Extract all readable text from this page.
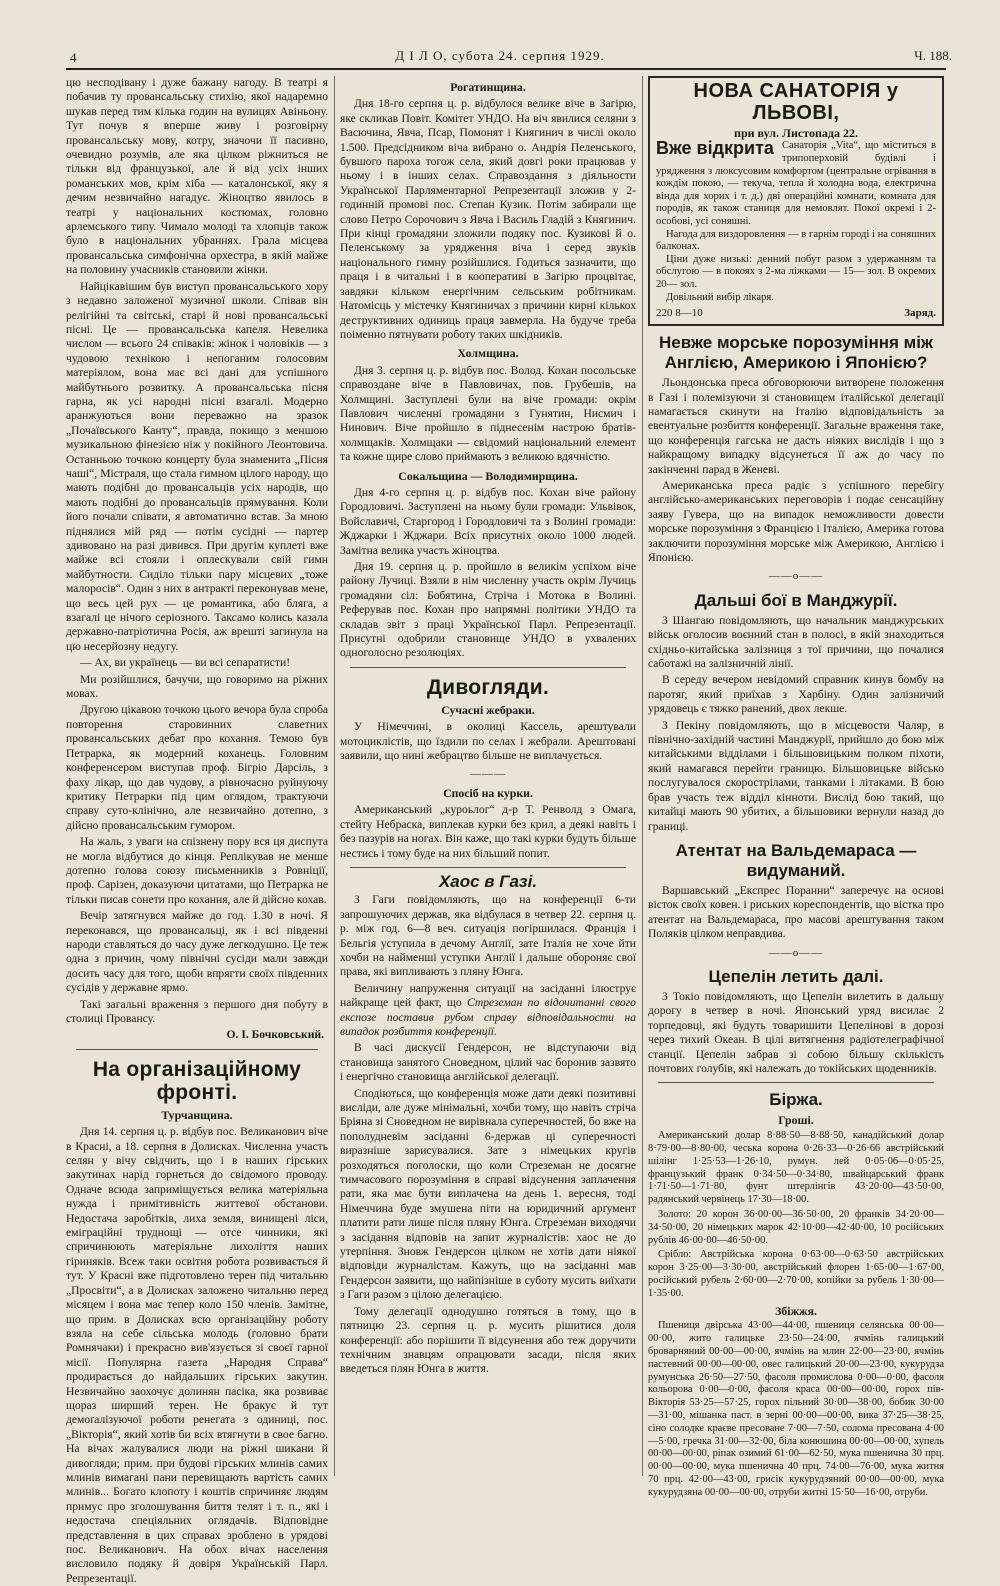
4	Д І Л О, субота 24. серпня 1929.	Ч. 188.

цю несподівану і дуже бажану нагоду. В театрі я побачив ту провансальську стихію, якої надаремно шукав перед тим кілька годин на вулицях Авіньону. Тут почув я вперше живу і розговірну провансальську мову, котру, значочи її пасивно, очевидно розумів, але яка цілком ріжниться не тільки від французької, але й від усіх інших романських мов, крім хіба — каталонської, яку я дечим незвичайно нагадує. Жіноцтво явилось в театрі у національних костюмах, головно арлемського типу. Чимало молоді та хлопців також було в національних убраннях. Грала місцева провансальська симфонічна орхестра, в якій майже на половину учасників становили жінки.

Найцікавішим був виступ провансальського хору з недавно заложеної музичної школи. Співав він релігійні та світські, старі й нові провансальські пісні. Це — провансальська капеля. Невелика числом — всього 24 співаків: жінок і чоловіків — з чудовою технікою і непоганим голосовим матеріялом, вона має всі дані для успішного майбутнього розвитку. А провансальська пісня гарна, як усі народні пісні взагалі. Модерно аранжуються вони переважно на зразок „Почаївського Канту“, правда, покищо з меншою музикальною фінезією ніж у покійного Леонтовича. Останньою точкою концерту була знаменита „Пісня чаші“, Містраля, що стала гимном цілого народу, що мають подібні до провансальців усіх народів, що мають подібні до провансальців прямування. Коли його почали співати, я автоматично встав. За мною піднялися мій ряд — потім сусідні — партер здивовано на разі дивився. При другім куплеті вже майже всі стояли і оплескували свій гимн майбутности. Сиділо тільки пару місцевих „тоже малоросів“. Один з них в антракті переконував мене, що весь цей рух — це романтика, або бляга, а взагалі це нічого серіозного. Таксамо колись казала державно-патріотична Росія, аж врешті загинула на цю несерйозну недугу.

— Ах, ви українець — ви всі сепаратисти!

Ми розійшлися, бачучи, що говоримо на ріжних мовах.

Другою цікавою точкою цього вечора була спроба повторення старовинних славетних провансальських дебат про кохання. Темою був Петрарка, як модерний коханець. Головним конференсером виступав проф. Бігріо Дарсіль, з фаху лікар, що дав чудову, а рівночасно руйнуючу критику Петрарки під цим оглядом, трактуючи справу суто-клінічно, але незвичайно дотепно, з дійсно провансальським гумором.

На жаль, з уваги на спізнену пору вся ця диспута не могла відбутися до кінця. Реплікував не менше дотепно голова союзу письменників з Ровніції, проф. Сарізен, доказуючи цитатами, що Петрарка не тільки писав сонети про кохання, але й дійсно кохав.

Вечір затягнувся майже до год. 1.30 в ночі. Я переконався, що провансальці, як і всі південні народи ставляться до часу дуже легкодушно. Це теж одна з причин, чому північні сусіди мали завжди досить часу для того, щоби впрягти своїх південних сусідів у державне ярмо.

Такі загальні враження з першого дня побуту в столиці Провансу.

О. І. Бочковський.
На організаційному фронті.
Турчанщина.

Дня 14. серпня ц. р. відбув пос. Великанович віче в Красні, а 18. серпня в Долисках. Численна участь селян у вічу свідчить, що і в наших гірських закутинах нарід горнеться до свідомого проводу. Одначе всюда заприміщується велика матеріяльна нужда і примітивність життевої обстанови. Недостача заробітків, лиха земля, винищені ліси, еміграційні труднощі — отсе чинники, які спричинюють матеріяльне лихоліття наших гіриняків. Всеж таки освітня робота розвивається й тут. У Красні вже підготовлено терен під читальню „Просвіти“, а в Долисках заложено читальню перед місяцем і вона має тепер коло 150 членів. Замітне, що прим. в Долисках всю організаційну роботу взяла на себе сільська молодь (головно брати Ромнячаки) і прекрасно вив'язується зі своєї гарної місії. Популярна газета „Народня Справа“ продирається до найдальших гірських закутин. Незвичайно заохочує долинян пасіка, яка розвиває щораз ширший терен. Не бракує й тут демоґалізуючої роботи ренегата з одиниці, пос. „Вікторія“, який хотів би всіх втягнути в свое багно. На вічах жалувалися люди на ріжні шикани й дивогляди; прим. при будові гірських млинів самих млинів вимагані пани перевищають вартість самих млинів... Богато клопоту і коштів спричиняє людям примус про зголошування биття телят і т. п., які і недостача спеціяльних оглядачів. Відповідне представлення в цих справах зроблено в урядові пос. Великанович. На обох вічах населення висловило подяку й довіря Українській Парл. Репрезентації.

Рогатинщина.

Дня 18-го серпня ц. р. відбулося велике віче в Загірю, яке скликав Повіт. Комітет УНДО. На віч явилися селяни з Васючина, Явча, Псар, Помонят і Княгинич в числі около 1.500. Предсідником віча вибрано о. Андрія Пеленського, бувшого пароха тогож села, який довгі роки працював у ньому і в інших селах. Справоздання з діяльности Української Парляментарної Репрезентації зложив у 2-годинній промові пос. Степан Кузик. Потім забирали ще слово Петро Сорочович з Явча і Василь Гладій з Княгинич. При кінці громадяни зложили подяку пос. Кузикові й о. Пеленському за урядження віча і серед звуків національного гимну розійшлися. Годиться зазначити, що праця і в читальні і в кооперативі в Загірю процвітає, завдяки кільком енергічним сельським робітникам. Натомісць у містечку Княгиничах з причини кирні кількох деструктивних одиниць праця завмерла. На будуче треба поіменно пятнувати роботу таких шкідників.

Холмщина.

Дня 3. серпня ц. р. відбув пос. Волод. Кохан посольське справоздане віче в Павловичах, пов. Грубешів, на Холмщині. Заступлені були на віче громади: окрім Павлович численні громадяни з Гунятин, Нисмич і Нинович. Віче пройшло в піднесенім настрою братів-холмщаків. Холмщаки — свідомий національний елемент та кожне щире слово приймають з великою вдячністю.

Сокальщина — Володимирщина.

Дня 4-го серпня ц. р. відбув пос. Кохан віче району Городловичі. Заступлені на ньому були громади: Ульвівок, Войславичі, Старгород і Городловичі та з Волині громади: Жджарки і Жджари. Всіх присутніх около 1000 людей. Замітна велика участь жіноцтва.

Дня 19. серпня ц. р. пройшло в великім успіхом віче району Лучиці. Взяли в нім численну участь окрім Лучиць громадяни сіл: Бобятина, Стріча і Мотока в Волині. Реферував пос. Кохан про напрямні політики УНДО та складав звіт з праці Української Парл. Репрезентації. Присутні одобрили становище УНДО в ухвалених одноголосно резолюціях.

Дивогляди.
Сучасні жебраки.

У Німеччині, в околиці Кассель, арештували мотоциклістів, що їздили по селах і жебрали. Арештовані заявили, що нині жебрацтво більше не виплачується.

———
Спосіб на курки.

Американський „куроьлог“ д-р Т. Ренволд з Омага, стейту Небраска, виплекав курки без крил, а деякі навіть і без пазурів на ногах. Він каже, що такі курки будуть більше нестись і тому буде на них більший попит.

Хаос в Газі.

З Гаги повідомляють, що на конференції 6-ти запрошуючих держав, яка відбулася в четвер 22. серпня ц. р. між год. 6—8 веч. ситуація погіршилася. Франція і Бельгія уступила в дечому Англії, зате Італія не хоче йти хочби на найменші уступки Англії і дальше обороняє свої права, які випливають з пляну Юнга.

Величину напруження ситуації на засіданні ілюструє найкраще цей факт, що Стреземан по відочитанні свого експозе поставив рубом справу відповідальности на випадок розбиття конференції.

В часі дискусії Гендерсон, не відступаючи від становища занятого Сноведном, цілий час боронив зазвято і енергічно становища англійської делегації.

Сподіються, що конференція може дати деякі позитивні висліди, але дуже мінімальні, хочби тому, що навіть стріча Бріяна зі Сноведном не вирівнала суперечностей, бо вже на пополудневім засіданні 6-держав ці суперечності виразніше зарисувалися. Зате з німецьких кругів розходяться поголоски, що коли Стреземан не досягне тимчасового порозуміння в справі відсунення заплачення рати, яка має бути виплачена на день 1. вересня, тоді Німеччина буде змушена піти на юридичний арґумент платити рати лише після пляну Юнга. Стреземан виходячи з засідання відповів на запит журналістів: хаос не до утерпіння. Зновж Гендерсон цілком не хотів дати ніякої відповіди журналістам. Кажуть, що на засіданні мав Гендерсон заявити, що найпізніше в суботу мусить виїхати з Гаги разом з цілою делегацією.

Тому делегації однодушно готяться в тому, що в пятницю 23. серпня ц. р. мусить рішитися доля конференції: або порішити її відсунення або теж доручити технічним знавцям опрацювати засади, після яких введеться плян Юнга в життя.

НОВА САНАТОРІЯ у ЛЬВОВІ,
при вул. Листопада 22.
Вже відкрита Санаторія „Vita“, що міститься в трипоперховій будівлі і урядження з люксусовим комфортом (центральне огрівання в кождім покою, — текуча, тепла й холодна вода, електрична вінда для хорих і т. д.) дві операційні комнати, комната для породів, як також станиця для немовлят. Покої окремі і 2-особові, усі соняшні.
Нагода для виздоровлення — в гарнім городі і на соняшних балконах.
Ціни дуже низькі: денний побут разом з удержанням та обслугою — в покоях з 2-ма ліжками — 15— зол. В окремих 20— зол.
Довільний вибір лікаря.
220 8—10	Заряд.
Невже морське порозуміння між Англією, Америкою і Японією?

Льондонська преса обговорюючи витворене положення в Газі і полемізуючи зі становищем італійської делегації намагається скинути на Італію відповідальність за евентуальне розбиття конференції. Загальне враження таке, що конференція гагська не дасть ніяких вислідів і що з найкращому випадку відсунеться її аж до часу по закінченні парад в Женеві.

Американська преса радіє з успішного перебігу англійсько-американських переговорів і подає сенсаційну заяву Гувера, що на випадок неможливости довести морське порозуміння з Францією і Італією, Америка готова заключити порозуміння морське між Америкою, Англією і Японією.

——o——
Дальші бої в Манджурії.

З Шангаю повідомляють, що начальник манджурських військ оголосив воєнний стан в полосі, в якій знаходиться східньо-китайська залізниця з тої причини, що почалися саботажі на залізничній лінії.

В середу вечером невідомий справник кинув бомбу на паротяг, який приїхав з Харбіну. Один залізничий урядовець є тяжко ранений, двох лекше.

З Пекіну повідомляють, що в місцевости Чаляр, в північно-західній частині Манджурії, прийшло до бою між китайськими відділами і більшовицьким полком піхоти, який намагався перейти границю. Більшовицьке військо послугувалося скорострілами, танками і літаками. В бою брав участь теж відділ кінноти. Вислід бою такий, що китайці мають 90 убитих, а більшовики вернули назад до границі.

Атентат на Вальдемараса — видуманий.

Варшавський „Експрес Поранни“ заперечує на основі вісток своїх ковен. і риських кореспондентів, що вістка про атентат на Вальдемараса, про масові арештування таком Поляків цілком неправдива.

——o——
Цепелін летить далі.

З Токіо повідомляють, що Цепелін вилетить в дальшу дорогу в четвер в ночі. Японський уряд висилає 2 торпедовці, які будуть товаришити Цепелінові в дорозі через тихий Океан. В цілі витягнення радіотелеграфічної станції. Цепелін забрав зі собою більшу скількість почтових голубів, які належать до токійських щоденників.

Біржа.
Гроші.

Американський долар 8·88·50—8·88·50, канадійський долар 8·79·00—8·80·00, чеська корона 0·26·33—0·26·66 австрійський шілінг 1·25·53—1·26·10, румун. лей 0·05·06—0·05·25, французький франк 0·34·50—0·34·80, швайцарський франк 1·71·50—1·71·80, фунт штерлінгів 43·20·00—43·50·00, радянський червінець 17·30—18·00.

Золото: 20 корон 36·00·00—36·50·00, 20 франків 34·20·00—34·50·00, 20 німецьких марок 42·10·00—42·40·00, 10 російських рублів 46·00·00—46·50·00.

Срібло: Австрійська корона 0·63·00—0·63·50 австрійських корон 3·25·00—3·30·00, австрійський флорен 1·65·00—1·67·00, російський рубель 2·60·00—2·70·00, копійки за рубель 1·30·00—1·35·00.

Збіжжя.

Пшениця двірська 43·00—44·00, пшениця селянська 00·00—00·00, жито галицьке 23·50—24·00, ячмінь галицький броварняний 00·00—00·00, ячмінь на млин 22·00—23·00, ячмінь пастевний 00·00—00·00, овес галицький 20·00—23·00, кукурудза румунська 26·50—27·50, фасоля промислова 0·00—0·00, фасоля кольорова 0·00—0·00, фасоля краса 00·00—00·00, горох пів-Вікторія 53·25—57·25, горох пільний 30·00—38·00, бобик 30·00—31·00, мішанка паст. в зерні 00·00—00·00, вика 37·25—38·25, сіно солодке краєве пресоване 7·00—7·50, солома пресована 4·00—5·00, гречка 31·00—32·00, біла конюшина 00·00—00·00, хупель 00·00—00·00, ріпак озимий 61·00—62·50, мука пшенична 30 прц. 00·00—00·00, мука пшенична 40 прц. 74·00—76·00, мука житня 70 прц. 42·00—43·00, грисік кукурудзяний 00·00—00·00, мука кукурудзяна 00·00—00·00, отруби житні 15·50—16·00, отруби.
